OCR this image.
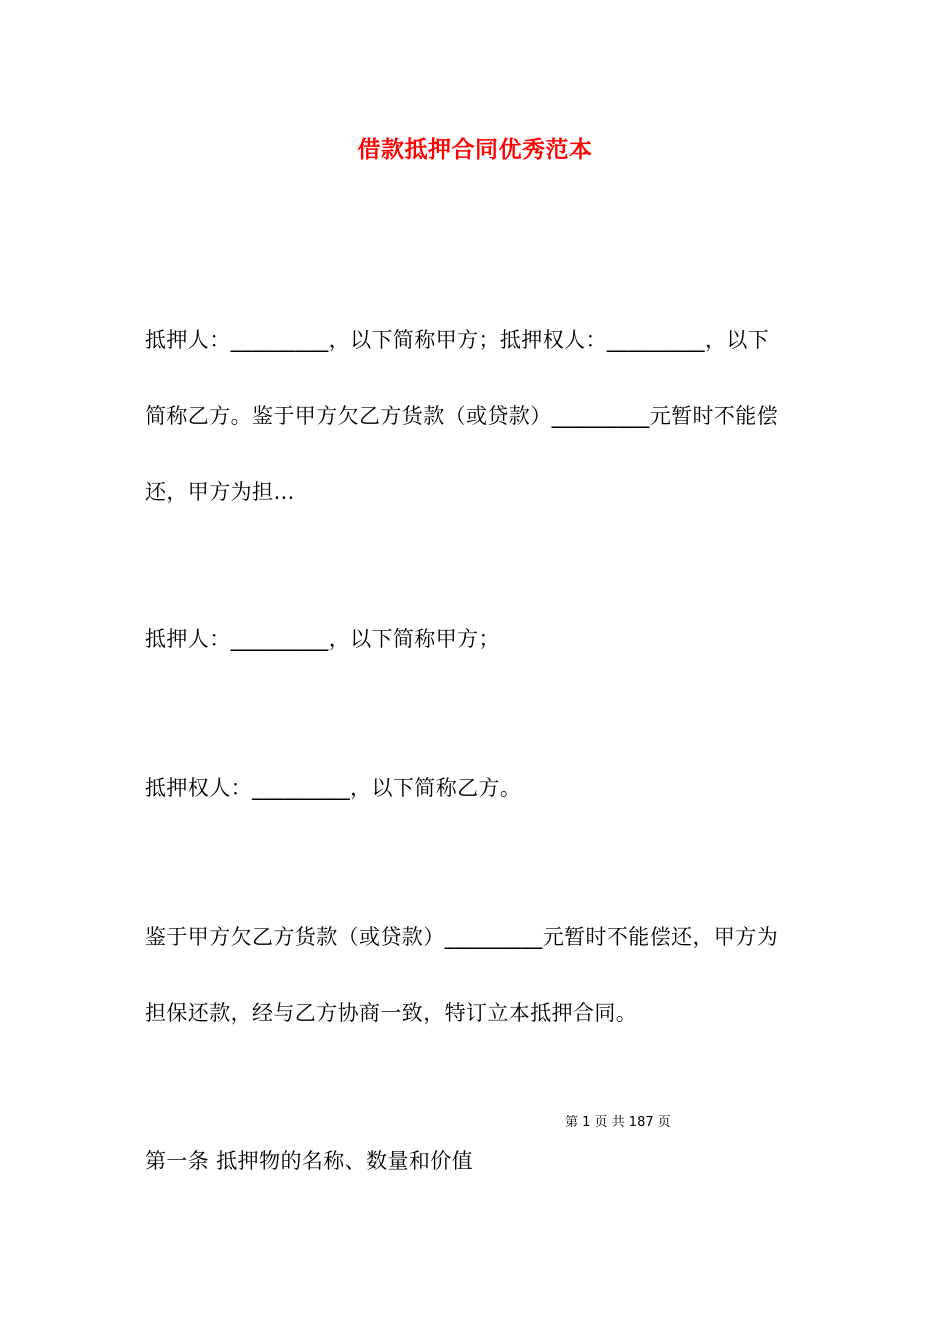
借款抵押合同优秀范本
抵押人：_________，以下简称甲方；抵押权人：_________，以下
简称乙方。鉴于甲方欠乙方货款（或贷款）_________元暂时不能偿
还，甲方为担…
抵押人：_________，以下简称甲方；
抵押权人：_________，以下简称乙方。
鉴于甲方欠乙方货款（或贷款）_________元暂时不能偿还，甲方为
担保还款，经与乙方协商一致，特订立本抵押合同。
第 1 页 共 187 页
第一条 抵押物的名称、数量和价值
